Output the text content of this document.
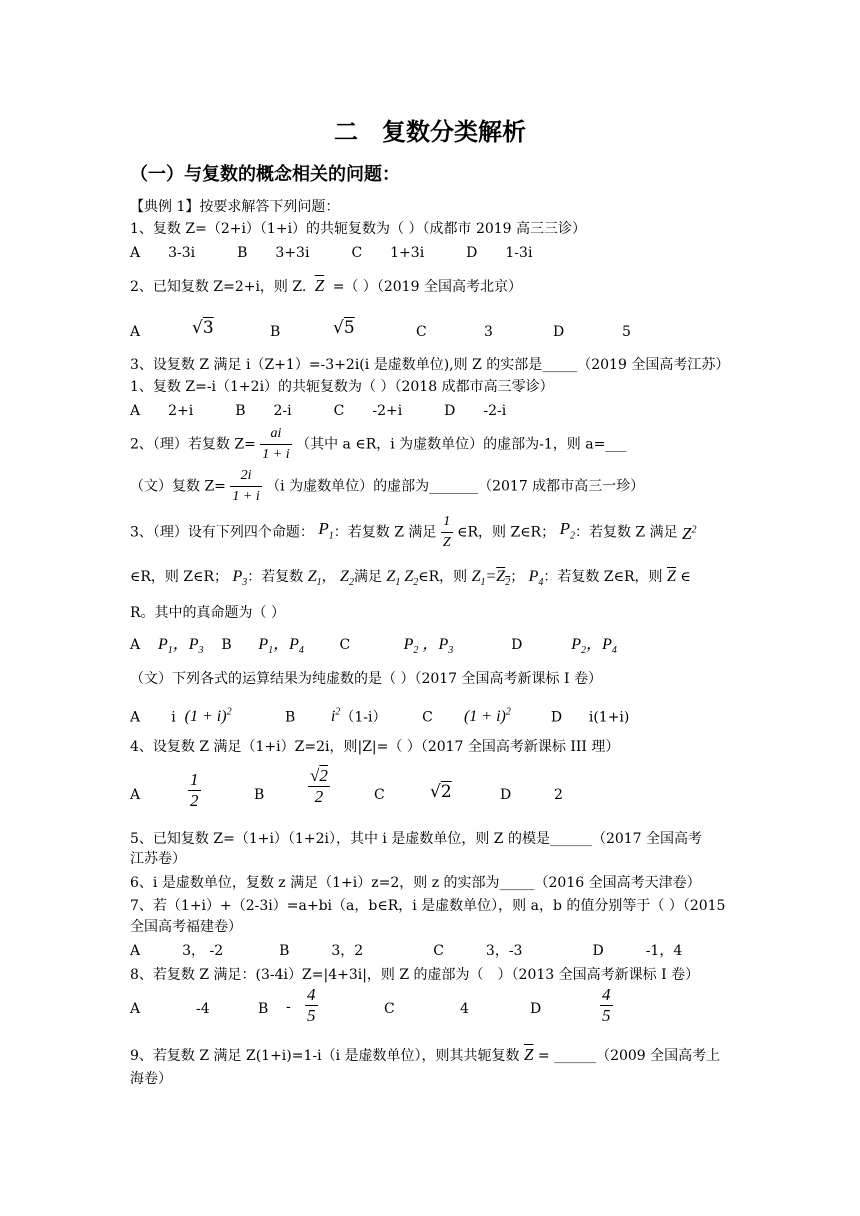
二　复数分类解析
（一）与复数的概念相关的问题：
【典例 1】按要求解答下列问题：
1、复数 Z=（2+i）（1+i）的共轭复数为（ ）（成都市 2019 高三三诊）
A　　3-3i　　　B　　3+3i　　　C　　1+3i　　　D　　1-3i
2、已知复数 Z=2+i，则 Z. $\overline{Z}$ =（ ）（2019 全国高考北京）
A	√3	B	√5	C	3	D	5
3、设复数 Z 满足 i（Z+1）=-3+2i(i 是虚数单位),则 Z 的实部是_____（2019 全国高考江苏）
1、复数 Z=-i（1+2i）的共轭复数为（ ）（2018 成都市高三零诊）
A　　2+i　　　B　　2-i　　　C　　-2+i　　　D　　-2-i
2、（理）若复数 $Z= \frac{ai}{1 + i}$ （其中 a ∈R，i 为虚数单位）的虚部为-1，则 a=___
（文）复数 $Z= \frac{2i}{1 + i} (i$ 为虚数单位）的虚部为_______（2017 成都市高三一珍）
3、（理）设有下列四个命题： $P_1$：若复数 Z 满足 $\frac{1}{Z}$ ∈R，则 Z∈R； $P_2$：若复数 Z 满足 $Z^2$
∈R，则 Z∈R； $P_3$：若复数 $Z_1$， $Z_2$满足 $Z_1$ $Z_2\in R$，则 $Z_1=Z_2$； $P_4$：若复数 Z∈R，则 $\overline{Z}$ ∈
R。其中的真命题为（ ）
A $P_1$，$P_3$ B $P_1$，$P_4$	C	$P_2$ ，$P_3$	D	$P_2$，$P_4$
（文）下列各式的运算结果为纯虚数的是（ ）（2017 全国高考新课标 I 卷）
A i $(1 + i)^2$	B $i^2(1-i)$	C $(1 + i)^2$	D i(1+i)
4、设复数 Z 满足（1+i）Z=2i，则|Z|=（ ）（2017 全国高考新课标 III 理）
A	$\frac{1}{2}$	B	$\frac{√2}{2}$	C	√2	D	2
5、已知复数 Z=（1+i）（1+2i），其中 i 是虚数单位，则 Z 的模是______（2017 全国高考
江苏卷）
6、i 是虚数单位，复数 z 满足（1+i）z=2，则 z 的实部为_____（2016 全国高考天津卷）
7、若（1+i）+（2-3i）=a+bi（a，b∈R，i 是虚数单位），则 a，b 的值分别等于（ ）（2015
全国高考福建卷）
A　　　3， -2　　　　B　　　3，2　　　　　C　　　3，-3　　　　　D　　　-1，4
8、若复数 Z 满足：(3-4i）Z=|4+3i|，则 Z 的虚部为（　）（2013 全国高考新课标 I 卷）
A	-4	B - $\frac{4}{5}$	C	4	D	$\frac{4}{5}$
9、若复数 Z 满足 Z(1+i)=1-i（i 是虚数单位），则其共轭复数 $\overline{Z}$ = ______（2009 全国高考上
海卷）
